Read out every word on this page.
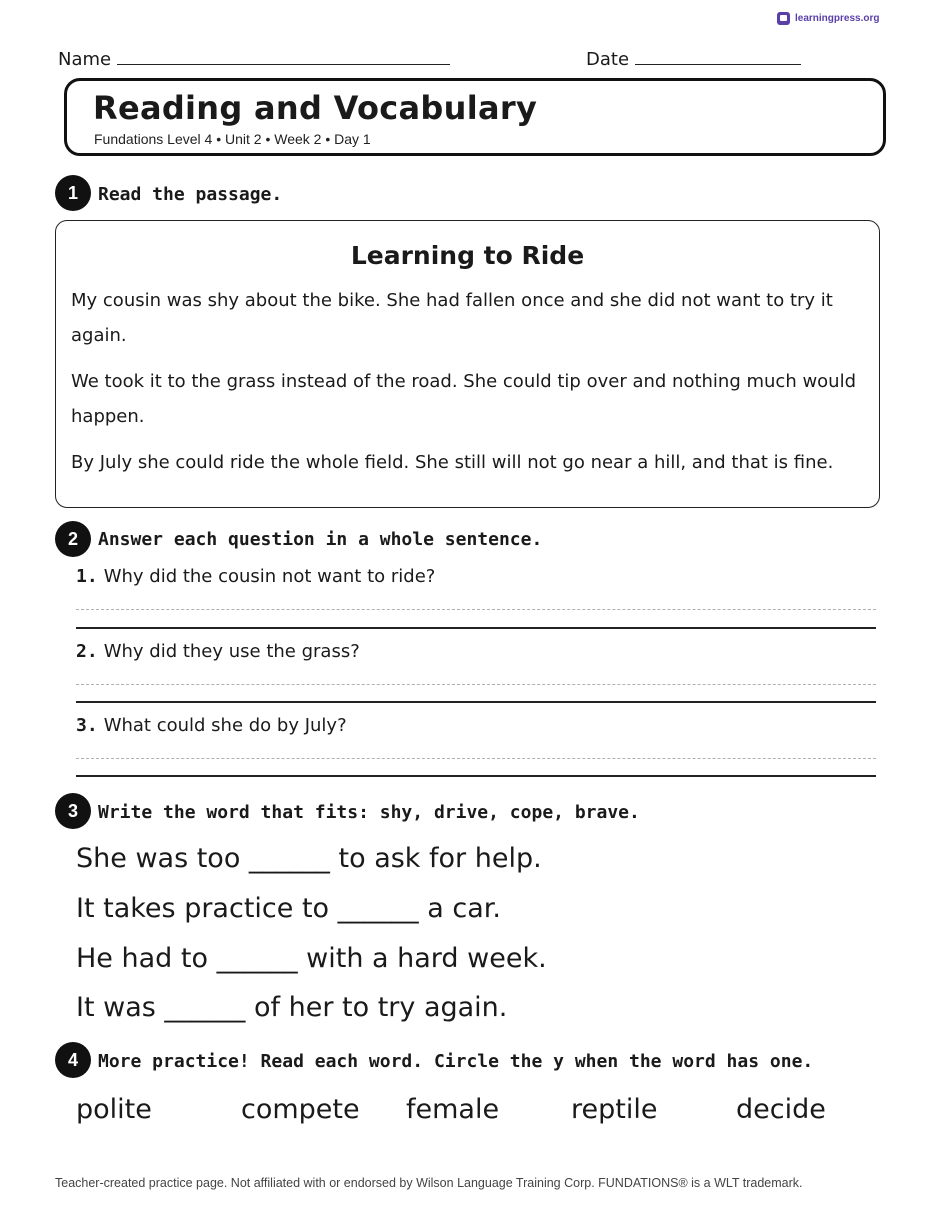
learningpress.org
Name	Date
Reading and Vocabulary
Fundations Level 4 • Unit 2 • Week 2 • Day 1
1	Read the passage.
Learning to Ride
My cousin was shy about the bike. She had fallen once and she did not want to try it again.
We took it to the grass instead of the road. She could tip over and nothing much would happen.
By July she could ride the whole field. She still will not go near a hill, and that is fine.
2	Answer each question in a whole sentence.
1. Why did the cousin not want to ride?
2. Why did they use the grass?
3. What could she do by July?
3	Write the word that fits: shy, drive, cope, brave.
She was too ______ to ask for help.
It takes practice to ______ a car.
He had to ______ with a hard week.
It was ______ of her to try again.
4	More practice! Read each word. Circle the y when the word has one.
polite	compete female	reptile	decide
Teacher-created practice page. Not affiliated with or endorsed by Wilson Language Training Corp. FUNDATIONS® is a WLT trademark.
